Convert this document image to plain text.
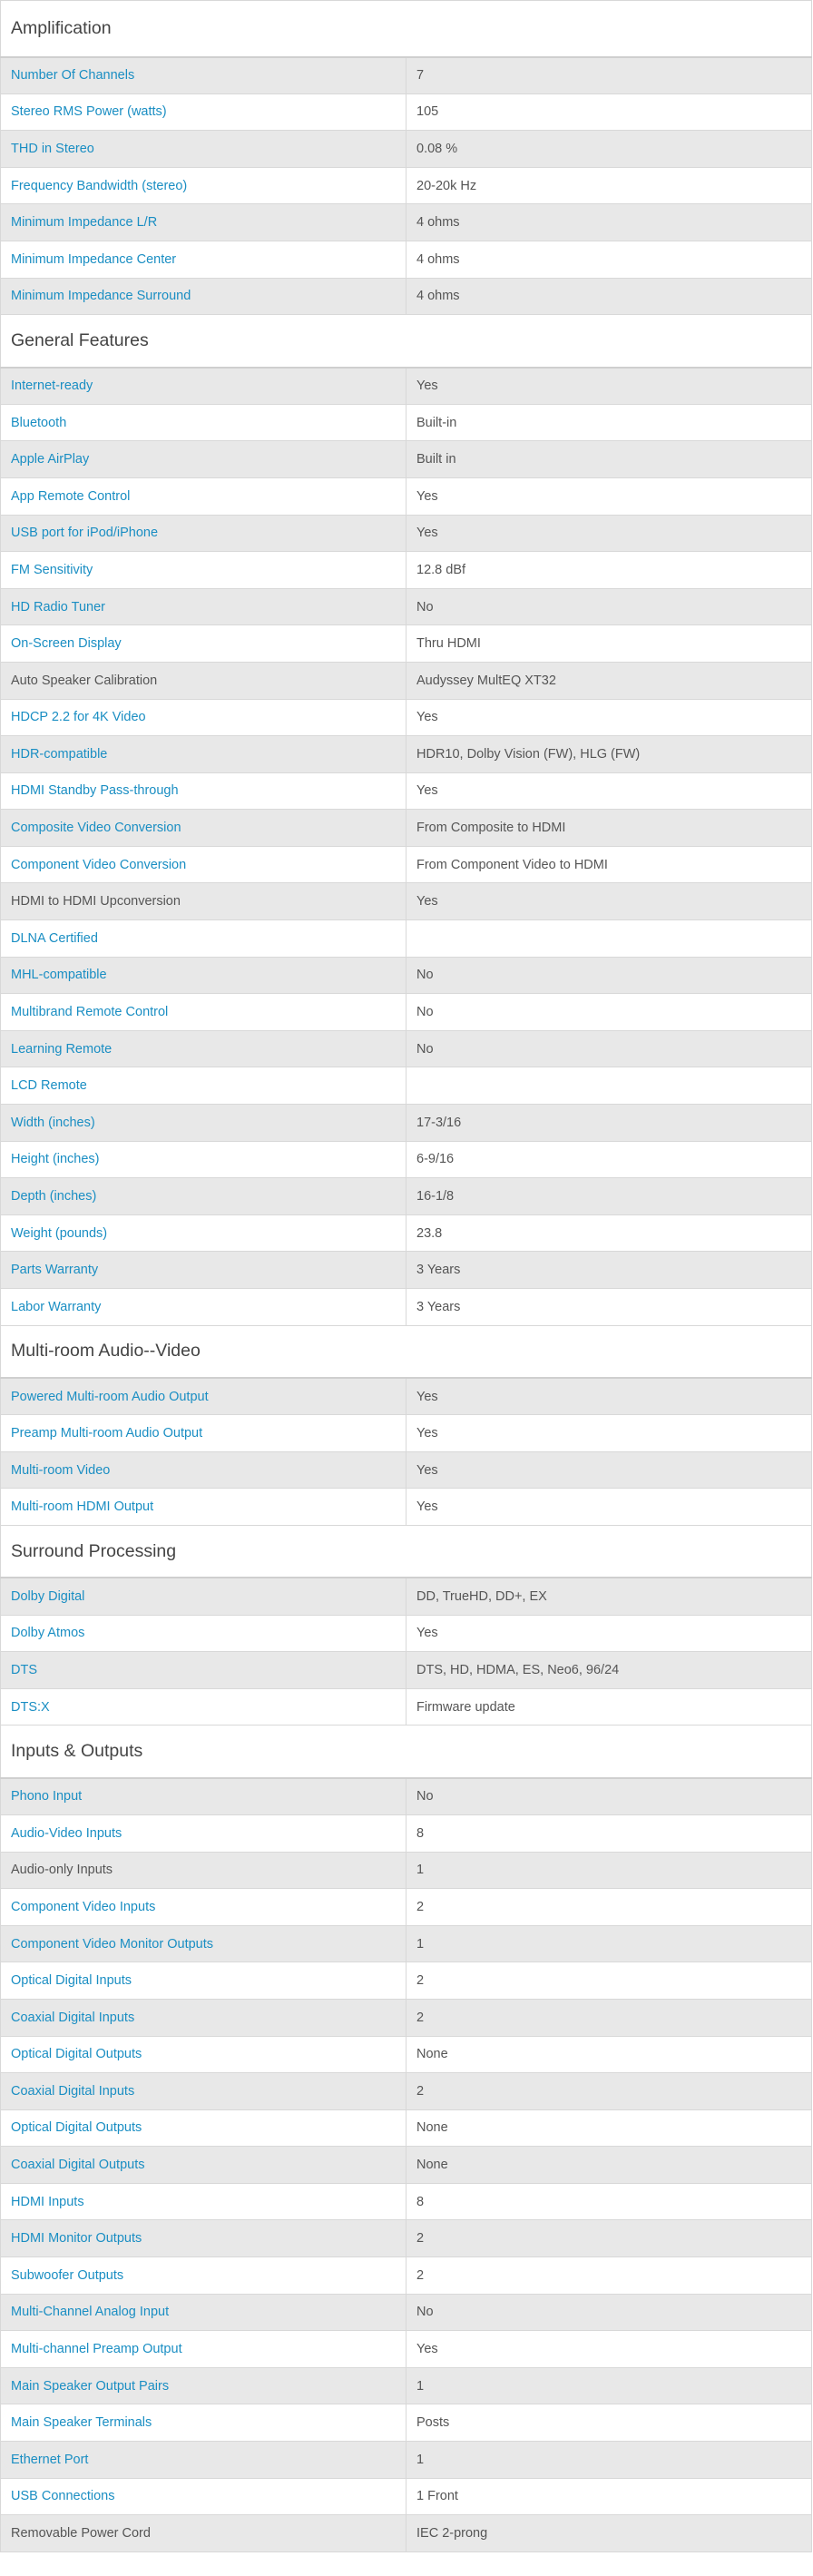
Amplification	
Number Of Channels	7
Stereo RMS Power (watts)	105
THD in Stereo	0.08 %
Frequency Bandwidth (stereo)	20-20k Hz
Minimum Impedance L/R	4 ohms
Minimum Impedance Center	4 ohms
Minimum Impedance Surround	4 ohms
General Features	
Internet-ready	Yes
Bluetooth	Built-in
Apple AirPlay	Built in
App Remote Control	Yes
USB port for iPod/iPhone	Yes
FM Sensitivity	12.8 dBf
HD Radio Tuner	No
On-Screen Display	Thru HDMI
Auto Speaker Calibration	Audyssey MultEQ XT32
HDCP 2.2 for 4K Video	Yes
HDR-compatible	HDR10, Dolby Vision (FW), HLG (FW)
HDMI Standby Pass-through	Yes
Composite Video Conversion	From Composite to HDMI
Component Video Conversion	From Component Video to HDMI
HDMI to HDMI Upconversion	Yes
DLNA Certified	
MHL-compatible	No
Multibrand Remote Control	No
Learning Remote	No
LCD Remote	
Width (inches)	17-3/16
Height (inches)	6-9/16
Depth (inches)	16-1/8
Weight (pounds)	23.8
Parts Warranty	3 Years
Labor Warranty	3 Years
Multi-room Audio--Video	
Powered Multi-room Audio Output	Yes
Preamp Multi-room Audio Output	Yes
Multi-room Video	Yes
Multi-room HDMI Output	Yes
Surround Processing	
Dolby Digital	DD, TrueHD, DD+, EX
Dolby Atmos	Yes
DTS	DTS, HD, HDMA, ES, Neo6, 96/24
DTS:X	Firmware update
Inputs & Outputs	
Phono Input	No
Audio-Video Inputs	8
Audio-only Inputs	1
Component Video Inputs	2
Component Video Monitor Outputs	1
Optical Digital Inputs	2
Coaxial Digital Inputs	2
Optical Digital Outputs	None
Coaxial Digital Inputs	2
Optical Digital Outputs	None
Coaxial Digital Outputs	None
HDMI Inputs	8
HDMI Monitor Outputs	2
Subwoofer Outputs	2
Multi-Channel Analog Input	No
Multi-channel Preamp Output	Yes
Main Speaker Output Pairs	1
Main Speaker Terminals	Posts
Ethernet Port	1
USB Connections	1 Front
Removable Power Cord	IEC 2-prong
